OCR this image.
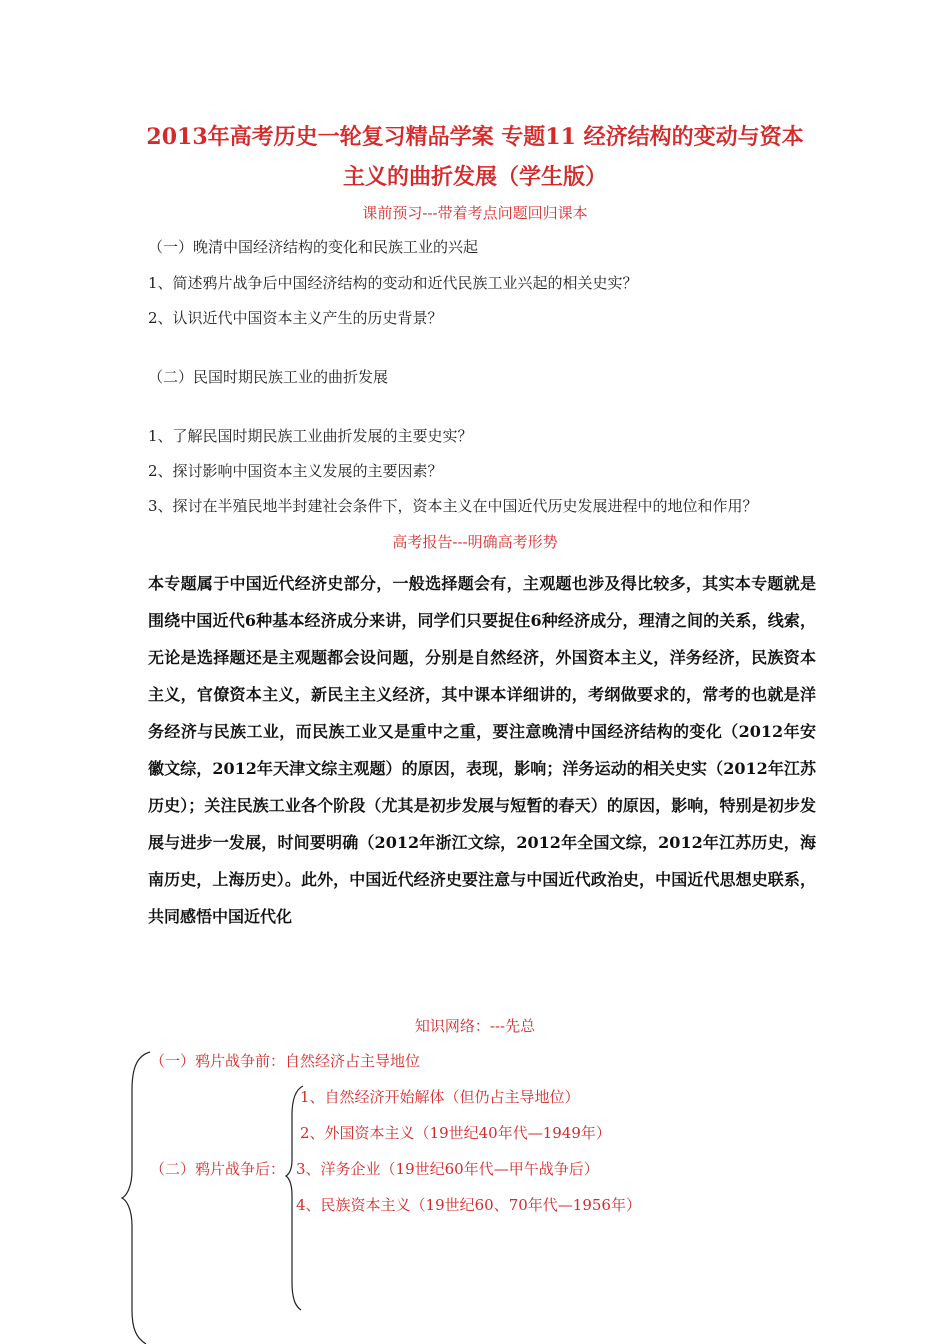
2013年高考历史一轮复习精品学案 专题11 经济结构的变动与资本
主义的曲折发展（学生版）
课前预习---带着考点问题回归课本
（一）晚清中国经济结构的变化和民族工业的兴起
1、简述鸦片战争后中国经济结构的变动和近代民族工业兴起的相关史实？
2、认识近代中国资本主义产生的历史背景？
（二）民国时期民族工业的曲折发展
1、了解民国时期民族工业曲折发展的主要史实？
2、探讨影响中国资本主义发展的主要因素？
3、探讨在半殖民地半封建社会条件下，资本主义在中国近代历史发展进程中的地位和作用？
高考报告---明确高考形势
本专题属于中国近代经济史部分，一般选择题会有，主观题也涉及得比较多，其实本专题就是围绕中国近代6种基本经济成分来讲，同学们只要捉住6种经济成分，理清之间的关系，线索，无论是选择题还是主观题都会设问题，分别是自然经济，外国资本主义，洋务经济，民族资本主义，官僚资本主义，新民主主义经济，其中课本详细讲的，考纲做要求的，常考的也就是洋务经济与民族工业，而民族工业又是重中之重，要注意晚清中国经济结构的变化（2012年安徽文综，2012年天津文综主观题）的原因，表现，影响；洋务运动的相关史实（2012年江苏历史）；关注民族工业各个阶段（尤其是初步发展与短暂的春天）的原因，影响，特别是初步发展与进步一发展，时间要明确（2012年浙江文综，2012年全国文综，2012年江苏历史，海南历史，上海历史）。此外，中国近代经济史要注意与中国近代政治史，中国近代思想史联系，共同感悟中国近代化
知识网络：---先总
（一）鸦片战争前：自然经济占主导地位
（二）鸦片战争后：
1、自然经济开始解体（但仍占主导地位）
2、外国资本主义（19世纪40年代—1949年）
3、洋务企业（19世纪60年代—甲午战争后）
4、民族资本主义（19世纪60、70年代—1956年）
